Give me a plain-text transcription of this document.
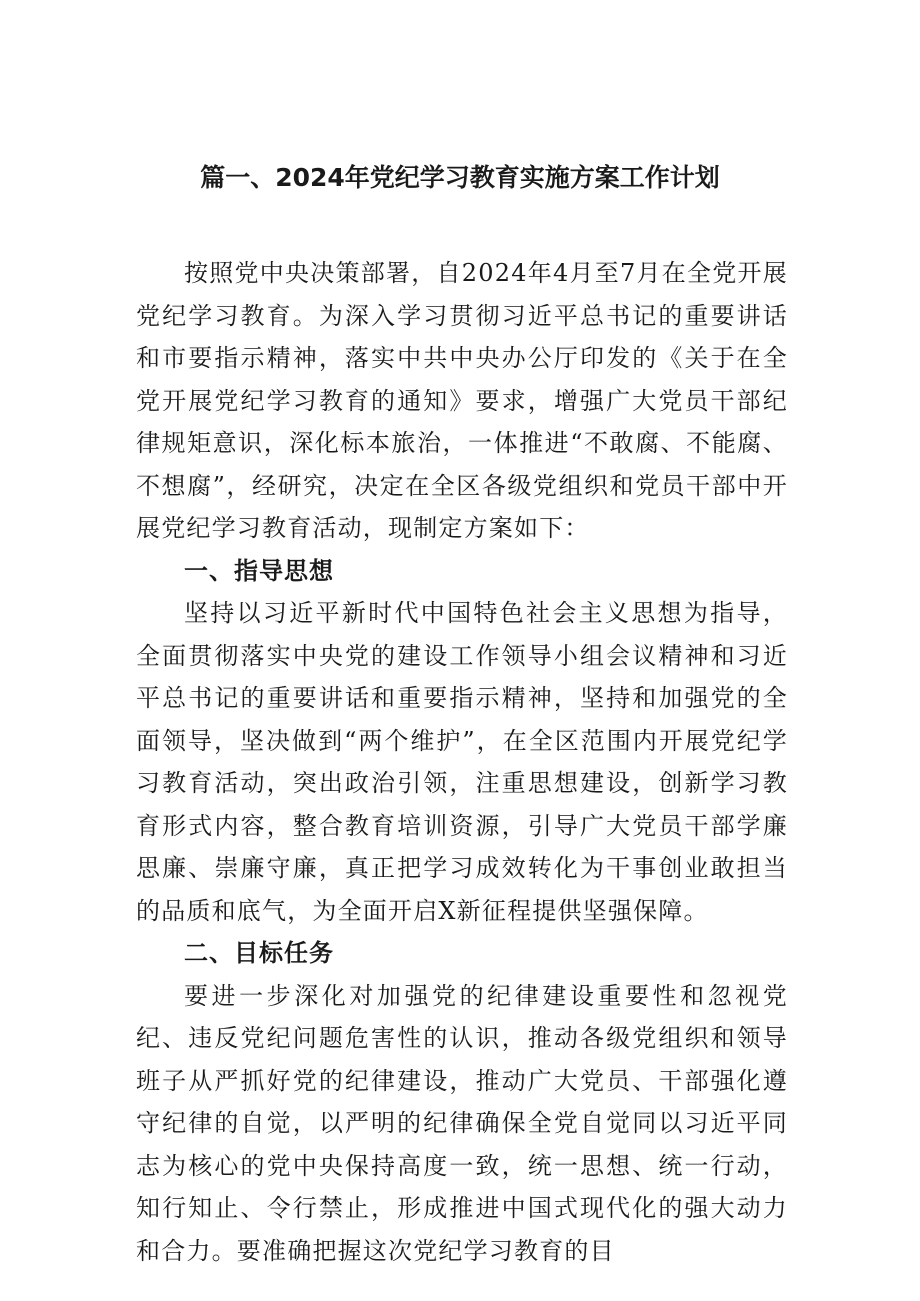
篇一、2024年党纪学习教育实施方案工作计划

按照党中央决策部署，自2024年4月至7月在全党开展党纪学习教育。为深入学习贯彻习近平总书记的重要讲话和市要指示精神，落实中共中央办公厅印发的《关于在全党开展党纪学习教育的通知》要求，增强广大党员干部纪律规矩意识，深化标本旅治，一体推进“不敢腐、不能腐、不想腐”，经研究，决定在全区各级党组织和党员干部中开展党纪学习教育活动，现制定方案如下：

一、指导思想

坚持以习近平新时代中国特色社会主义思想为指导，全面贯彻落实中央党的建设工作领导小组会议精神和习近平总书记的重要讲话和重要指示精神，坚持和加强党的全面领导，坚决做到“两个维护”，在全区范围内开展党纪学习教育活动，突出政治引领，注重思想建设，创新学习教育形式内容，整合教育培训资源，引导广大党员干部学廉思廉、崇廉守廉，真正把学习成效转化为干事创业敢担当的品质和底气，为全面开启X新征程提供坚强保障。

二、目标任务

要进一步深化对加强党的纪律建设重要性和忽视党纪、违反党纪问题危害性的认识，推动各级党组织和领导班子从严抓好党的纪律建设，推动广大党员、干部强化遵守纪律的自觉，以严明的纪律确保全党自觉同以习近平同志为核心的党中央保持高度一致，统一思想、统一行动，知行知止、令行禁止，形成推进中国式现代化的强大动力和合力。要准确把握这次党纪学习教育的目
